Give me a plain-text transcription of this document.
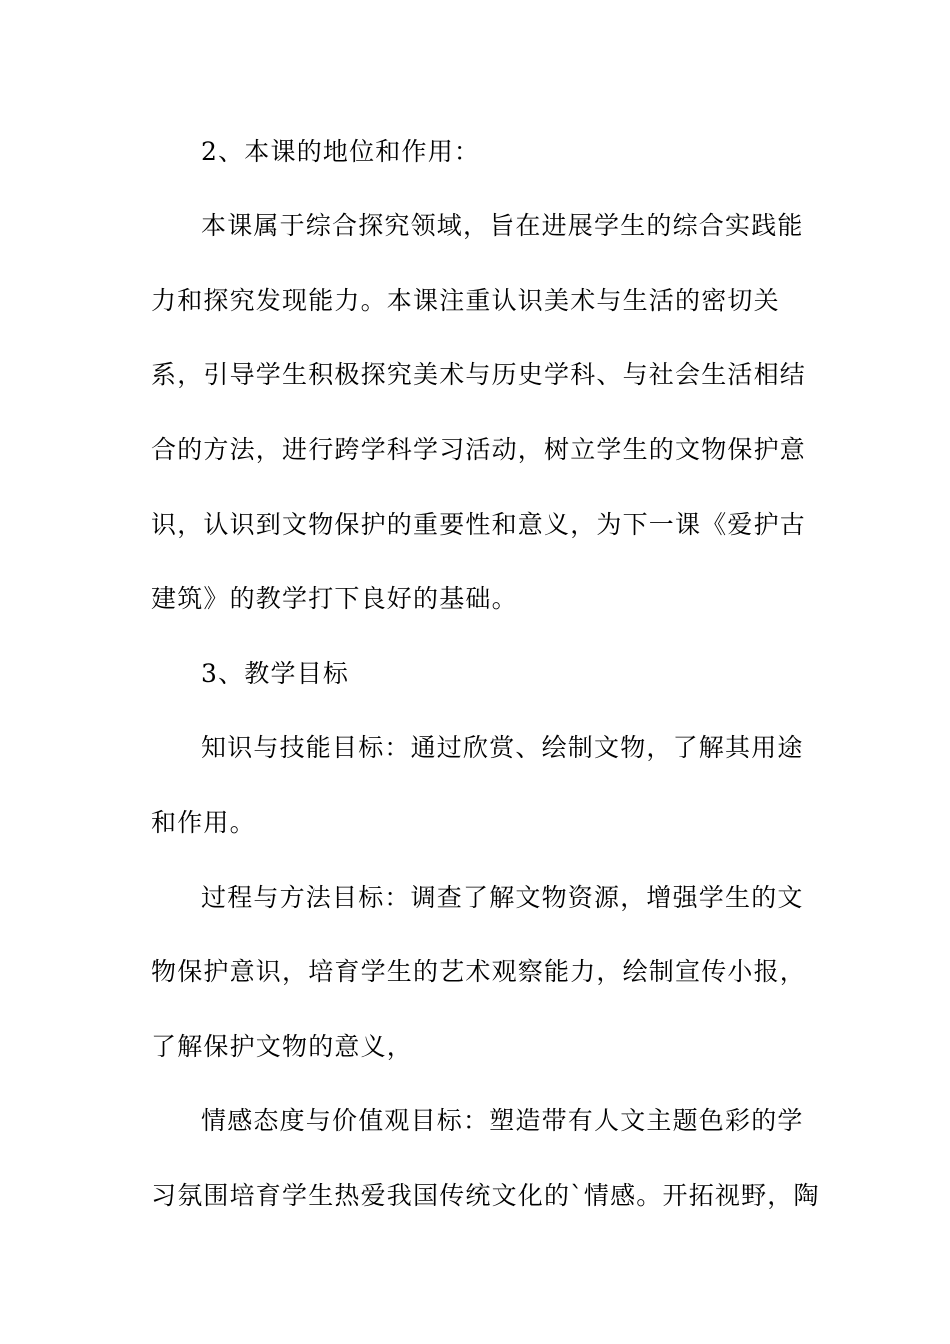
2、本课的地位和作用：
本课属于综合探究领域，旨在进展学生的综合实践能
力和探究发现能力。本课注重认识美术与生活的密切关
系，引导学生积极探究美术与历史学科、与社会生活相结
合的方法，进行跨学科学习活动，树立学生的文物保护意
识，认识到文物保护的重要性和意义，为下一课《爱护古
建筑》的教学打下良好的基础。
3、教学目标
知识与技能目标：通过欣赏、绘制文物，了解其用途
和作用。
过程与方法目标：调查了解文物资源，增强学生的文
物保护意识，培育学生的艺术观察能力，绘制宣传小报，
了解保护文物的意义，
情感态度与价值观目标：塑造带有人文主题色彩的学
习氛围培育学生热爱我国传统文化的`情感。开拓视野，陶
